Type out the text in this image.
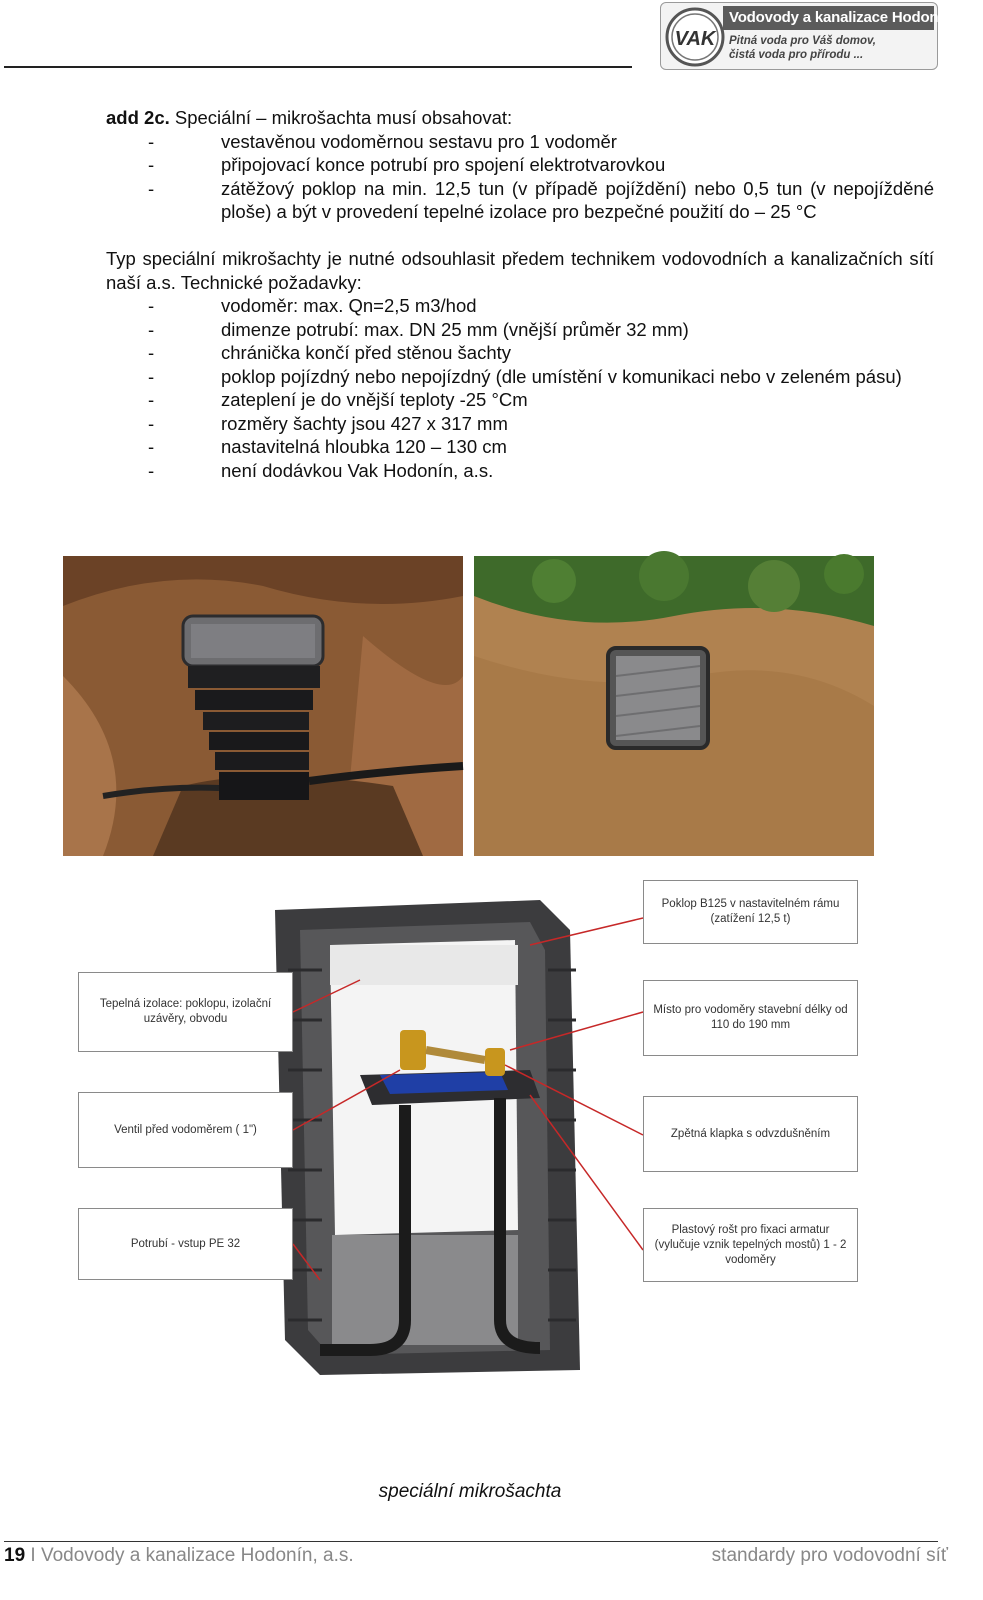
VAK
Vodovody a kanalizace Hodonín, a.s.
Pitná voda pro Váš domov,
čistá voda pro přírodu ...

add 2c. Speciální – mikrošachta musí obsahovat:

-	vestavěnou vodoměrnou sestavu pro 1 vodoměr
-	připojovací konce potrubí pro spojení elektrotvarovkou
-	zátěžový poklop na min. 12,5 tun (v případě pojíždění) nebo 0,5 tun (v nepojížděné ploše) a být v provedení tepelné izolace pro bezpečné použití do – 25 °C

Typ speciální mikrošachty je nutné odsouhlasit předem technikem vodovodních a kanalizačních sítí naší a.s. Technické požadavky:

-	vodoměr: max. Qn=2,5 m3/hod
-	dimenze potrubí: max. DN 25 mm (vnější průměr 32 mm)
-	chránička končí před stěnou šachty
-	poklop pojízdný nebo nepojízdný (dle umístění v komunikaci nebo v zeleném pásu)
-	zateplení je do vnější teploty -25 °Cm
-	rozměry šachty jsou 427 x 317 mm
-	nastavitelná hloubka 120 – 130 cm
-	není dodávkou Vak Hodonín, a.s.
Poklop B125 v nastavitelném rámu (zatížení 12,5 t)
Tepelná izolace: poklopu, izolační uzávěry, obvodu
Místo pro vodoměry stavební délky od 110 do 190 mm
Ventil před vodoměrem ( 1")	Zpětná klapka s odvzdušněním
Potrubí - vstup PE 32
Plastový rošt pro fixaci armatur (vylučuje vznik tepelných mostů) 1 - 2 vodoměry
speciální mikrošachta
19 I Vodovody a kanalizace Hodonín, a.s.	standardy pro vodovodní síť
